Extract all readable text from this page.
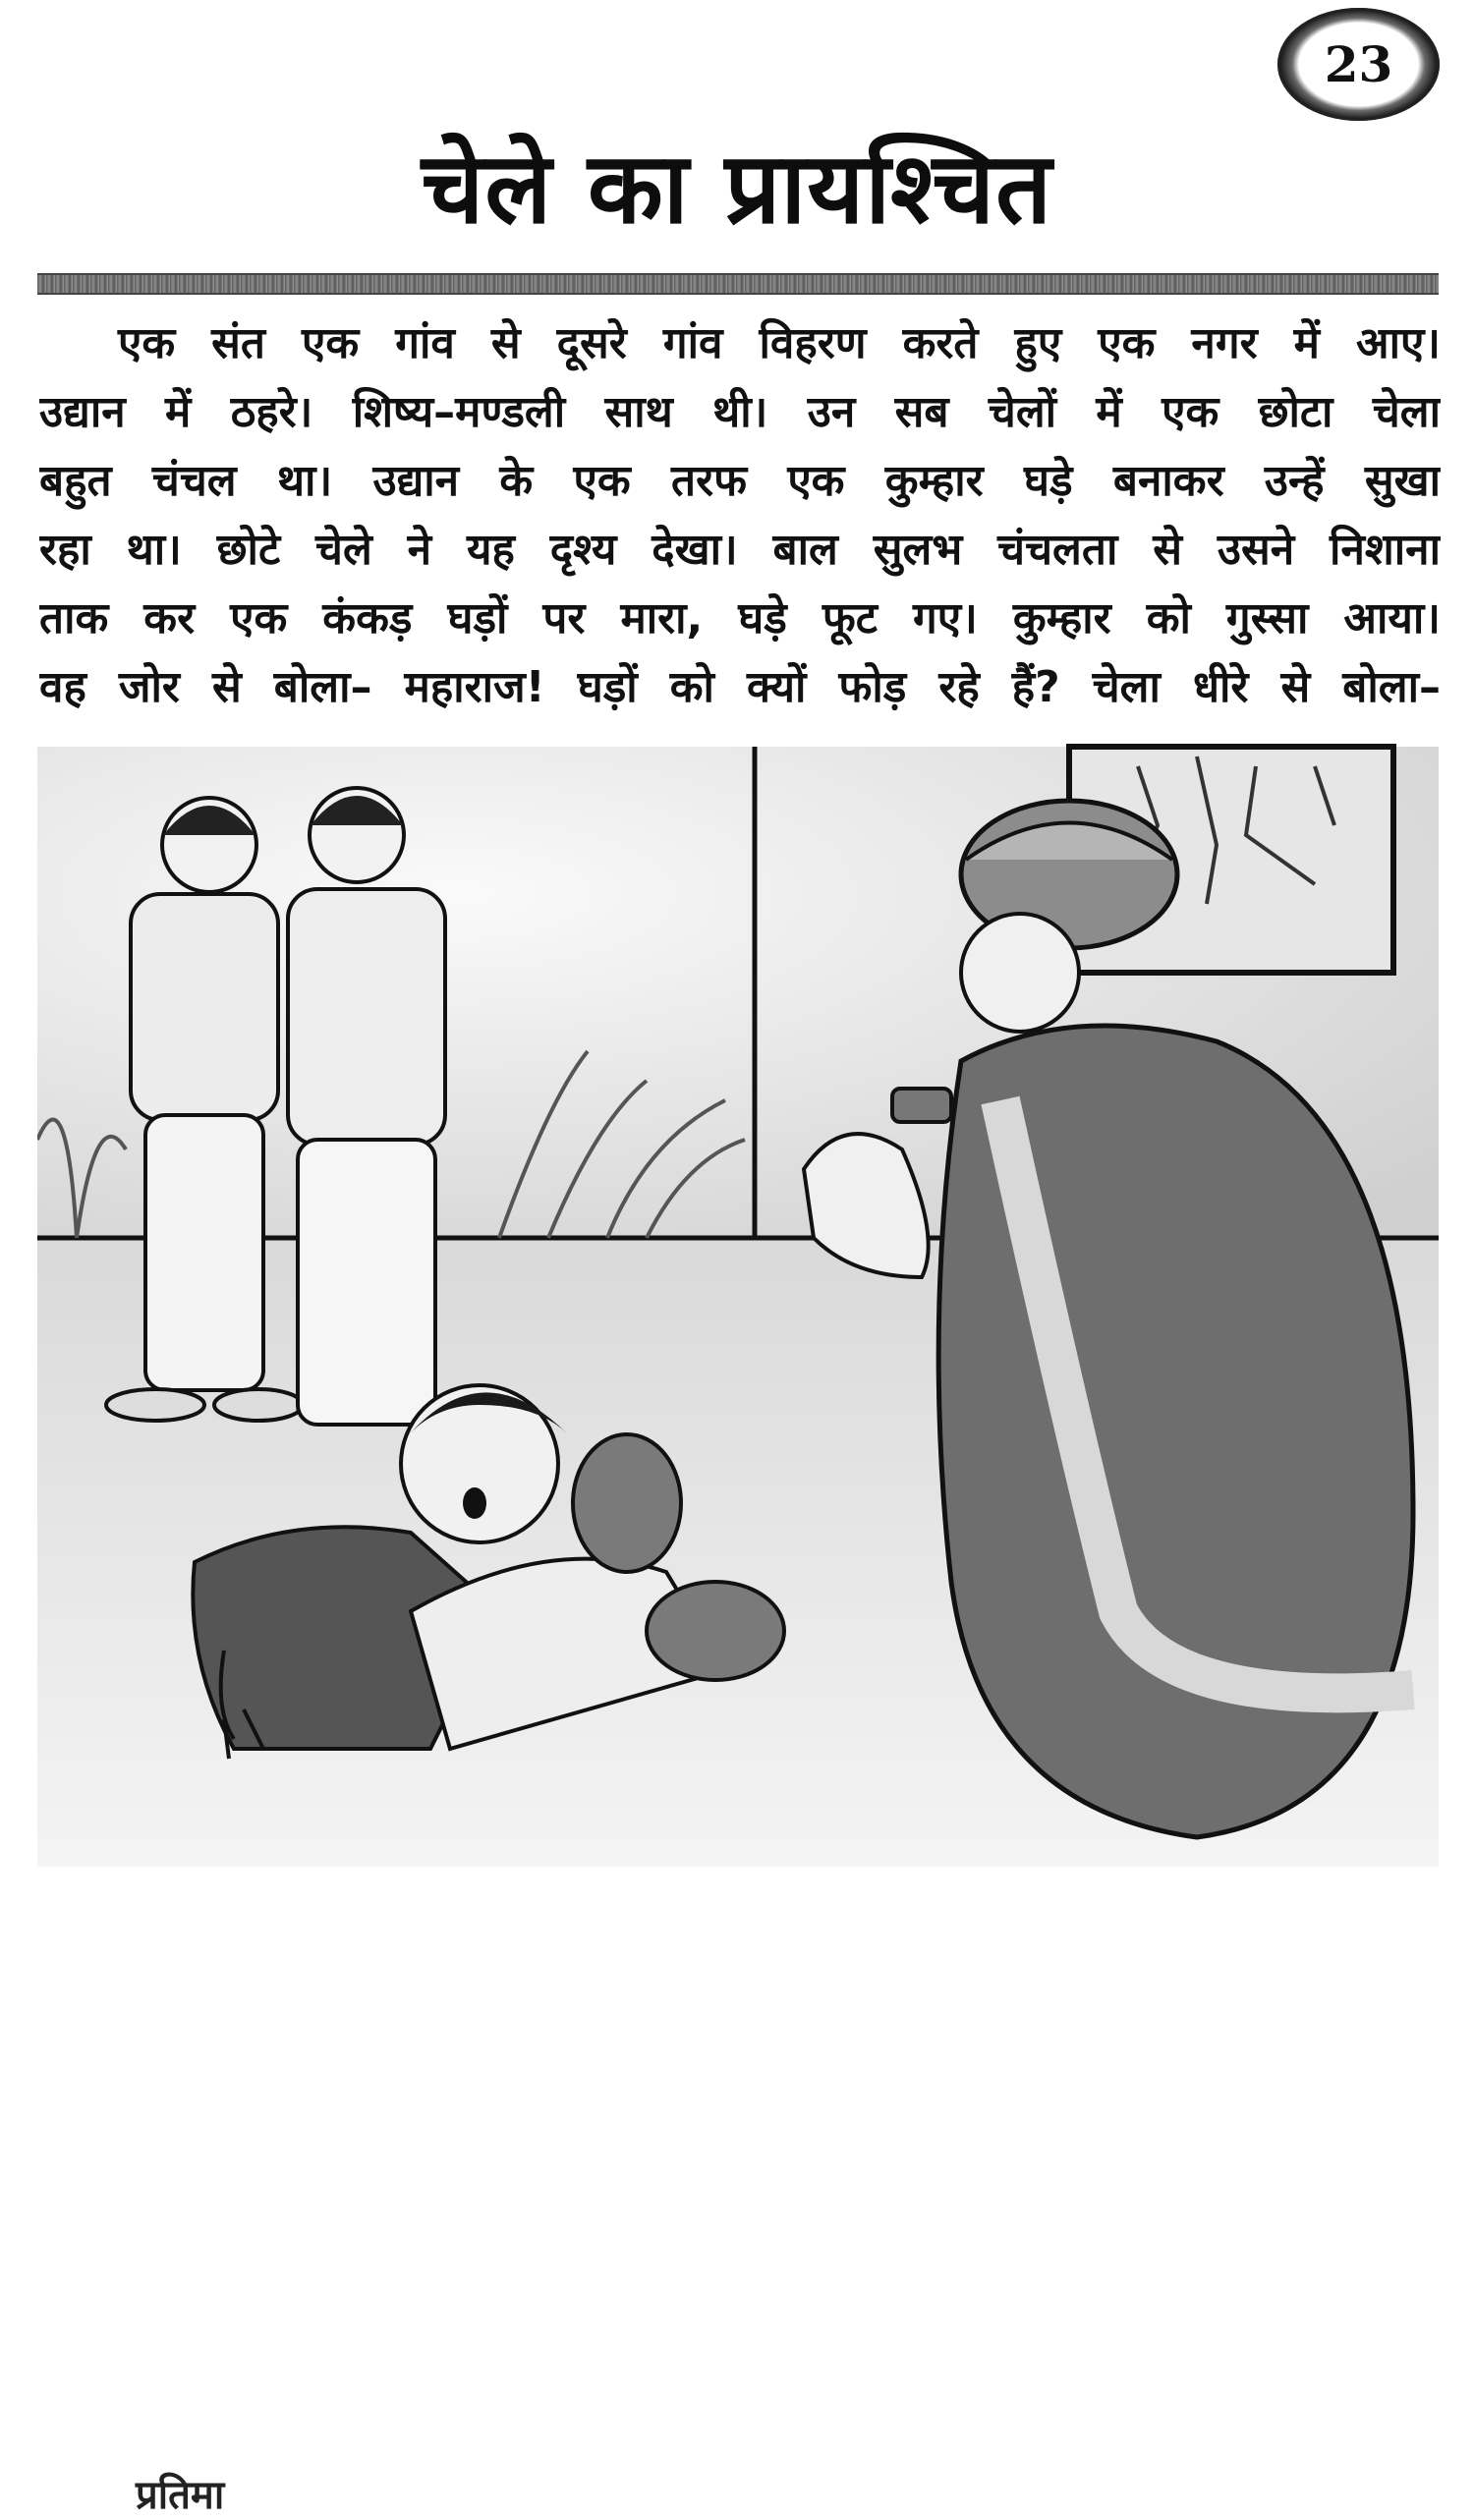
23
चेले का प्रायश्चित
एक संत एक गांव से दूसरे गांव विहरण करते हुए एक नगर में आए।
उद्यान में ठहरे। शिष्य–मण्डली साथ थी। उन सब चेलों में एक छोटा चेला
बहुत चंचल था। उद्यान के एक तरफ एक कुम्हार घड़े बनाकर उन्हें सुखा
रहा था। छोटे चेले ने यह दृश्य देखा। बाल सुलभ चंचलता से उसने निशाना
ताक कर एक कंकड़ घड़ों पर मारा, घड़े फूट गए। कुम्हार को गुस्सा आया।
वह जोर से बोला– महाराज! घड़ों को क्यों फोड़ रहे हैं? चेला धीरे से बोला–
प्रतिमा
